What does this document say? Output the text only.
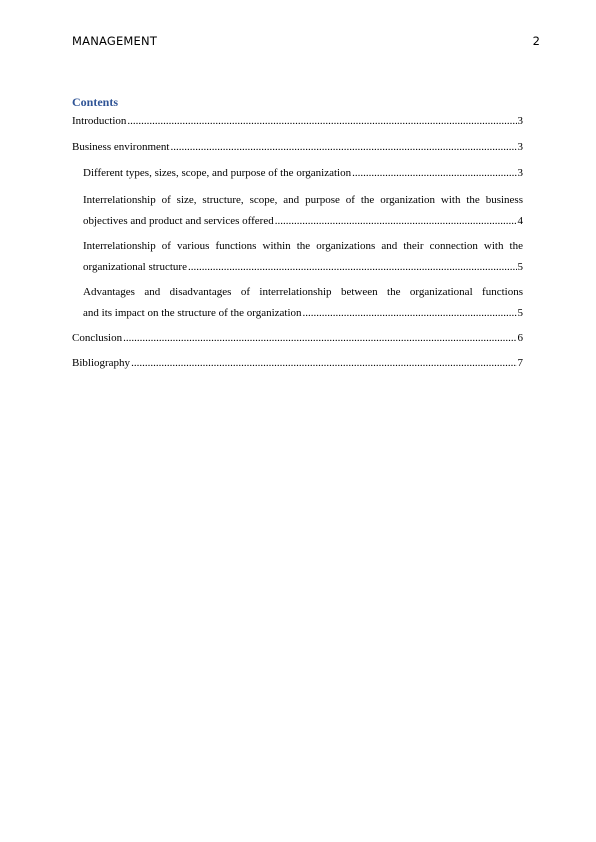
MANAGEMENT	2
Contents
Introduction .....	3
Business environment .....	3
Different types, sizes, scope, and purpose of the organization .....	3

Interrelationship of size, structure, scope, and purpose of the organization with the business

objectives and product and services offered .....	4

Interrelationship of various functions within the organizations and their connection with the

organizational structure .....	5

Advantages and disadvantages of interrelationship between the organizational functions

and its impact on the structure of the organization .....	5
Conclusion .....	6
Bibliography .....	7
